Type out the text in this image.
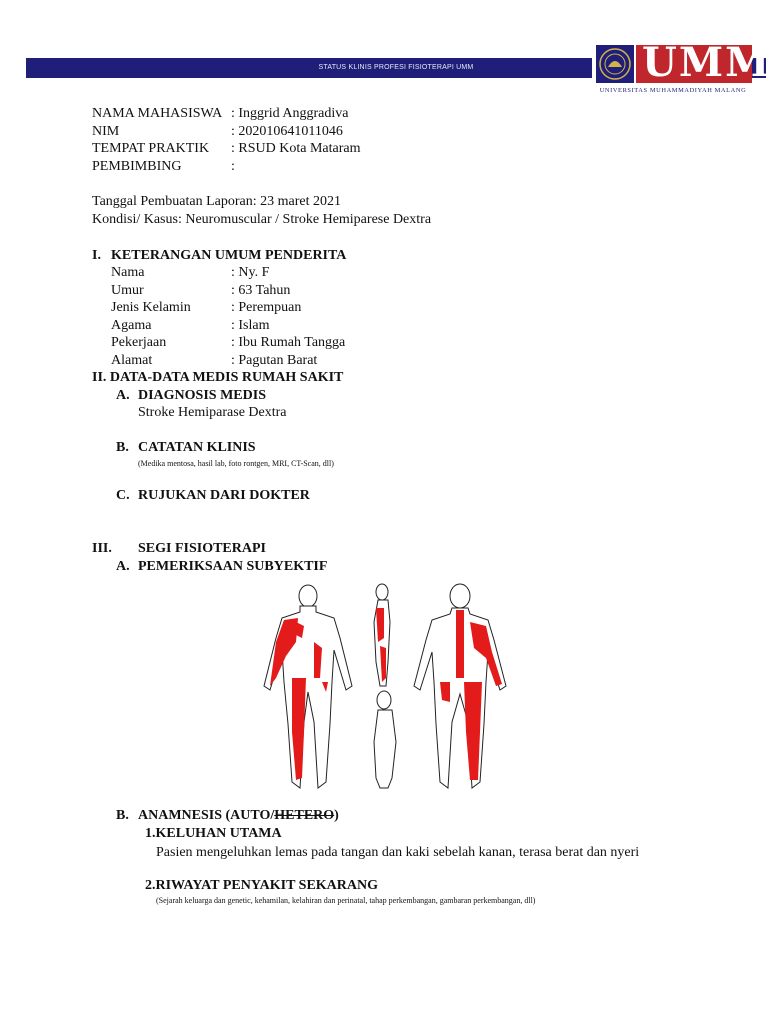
STATUS KLINIS PROFESI FISIOTERAPI UMM	UMM
UNIVERSITAS MUHAMMADIYAH MALANG
NAMA MAHASISWA : Inggrid Anggradiva
NIM	: 202010641011046
TEMPAT PRAKTIK : RSUD Kota Mataram
PEMBIMBING	:
Tanggal Pembuatan Laporan: 23 maret 2021
Kondisi/ Kasus: Neuromuscular / Stroke Hemiparese Dextra
I. KETERANGAN UMUM PENDERITA
Nama	: Ny. F
Umur	: 63 Tahun
Jenis Kelamin	: Perempuan
Agama	: Islam
Pekerjaan	: Ibu Rumah Tangga
Alamat	: Pagutan Barat
II. DATA-DATA MEDIS RUMAH SAKIT
A. DIAGNOSIS MEDIS
Stroke Hemiparase Dextra
B. CATATAN KLINIS
(Medika mentosa, hasil lab, foto rontgen, MRI, CT-Scan, dll)
C. RUJUKAN DARI DOKTER
III. SEGI FISIOTERAPI
A. PEMERIKSAAN SUBYEKTIF
B. ANAMNESIS (AUTO/HETERO)
1.KELUHAN UTAMA
Pasien mengeluhkan lemas pada tangan dan kaki sebelah kanan, terasa berat dan nyeri
2.RIWAYAT PENYAKIT SEKARANG
(Sejarah keluarga dan genetic, kehamilan, kelahiran dan perinatal, tahap perkembangan, gambaran perkembangan, dll)
